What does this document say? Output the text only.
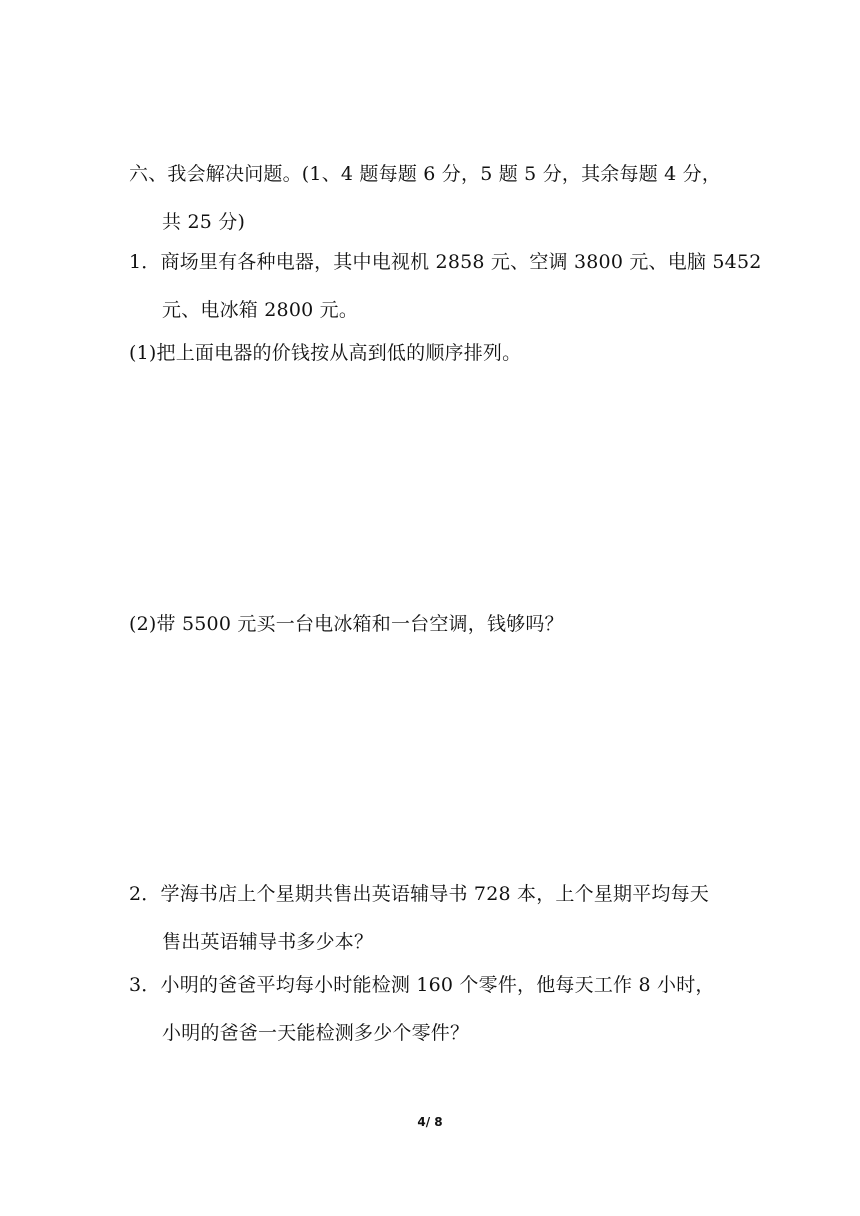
六、我会解决问题。(1、4 题每题 6 分，5 题 5 分，其余每题 4 分，
共 25 分)
1．商场里有各种电器，其中电视机 2858 元、空调 3800 元、电脑 5452
元、电冰箱 2800 元。
(1)把上面电器的价钱按从高到低的顺序排列。
(2)带 5500 元买一台电冰箱和一台空调，钱够吗？
2．学海书店上个星期共售出英语辅导书 728 本，上个星期平均每天
售出英语辅导书多少本？
3．小明的爸爸平均每小时能检测 160 个零件，他每天工作 8 小时，
小明的爸爸一天能检测多少个零件？
4/ 8
